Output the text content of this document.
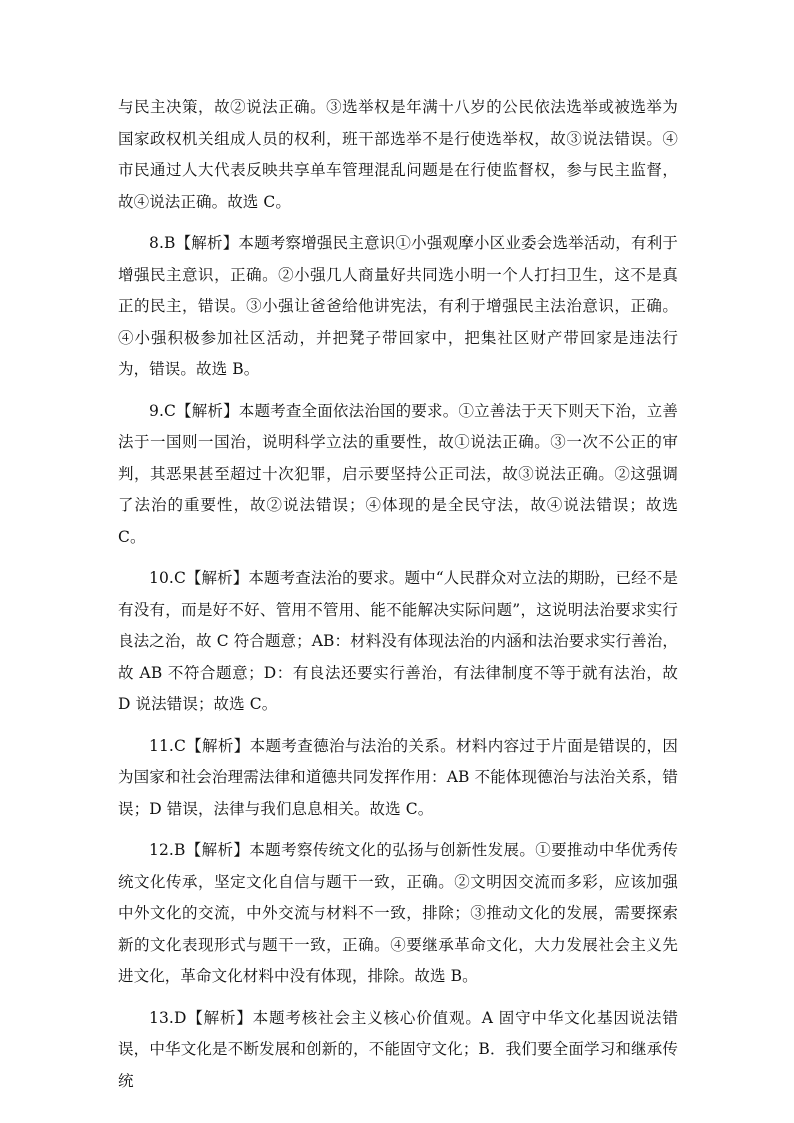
与民主决策，故②说法正确。③选举权是年满十八岁的公民依法选举或被选举为国家政权机关组成人员的权利，班干部选举不是行使选举权，故③说法错误。④市民通过人大代表反映共享单车管理混乱问题是在行使监督权，参与民主监督，故④说法正确。故选 C。

8.B【解析】本题考察增强民主意识①小强观摩小区业委会选举活动，有利于增强民主意识，正确。②小强几人商量好共同选小明一个人打扫卫生，这不是真正的民主，错误。③小强让爸爸给他讲宪法，有利于增强民主法治意识，正确。④小强积极参加社区活动，并把凳子带回家中，把集社区财产带回家是违法行为，错误。故选 B。

9.C【解析】本题考查全面依法治国的要求。①立善法于天下则天下治，立善法于一国则一国治，说明科学立法的重要性，故①说法正确。③一次不公正的审判，其恶果甚至超过十次犯罪，启示要坚持公正司法，故③说法正确。②这强调了法治的重要性，故②说法错误；④体现的是全民守法，故④说法错误；故选 C。

10.C【解析】本题考查法治的要求。题中“人民群众对立法的期盼，已经不是有没有，而是好不好、管用不管用、能不能解决实际问题”，这说明法治要求实行良法之治，故 C 符合题意；AB：材料没有体现法治的内涵和法治要求实行善治，故 AB 不符合题意；D：有良法还要实行善治，有法律制度不等于就有法治，故 D 说法错误；故选 C。

11.C【解析】本题考查德治与法治的关系。材料内容过于片面是错误的，因为国家和社会治理需法律和道德共同发挥作用：AB 不能体现德治与法治关系，错误；D 错误，法律与我们息息相关。故选 C。

12.B【解析】本题考察传统文化的弘扬与创新性发展。①要推动中华优秀传统文化传承，坚定文化自信与题干一致，正确。②文明因交流而多彩，应该加强中外文化的交流，中外交流与材料不一致，排除；③推动文化的发展，需要探索新的文化表现形式与题干一致，正确。④要继承革命文化，大力发展社会主义先进文化，革命文化材料中没有体现，排除。故选 B。

13.D【解析】本题考核社会主义核心价值观。A 固守中华文化基因说法错误，中华文化是不断发展和创新的，不能固守文化；B．我们要全面学习和继承传统
